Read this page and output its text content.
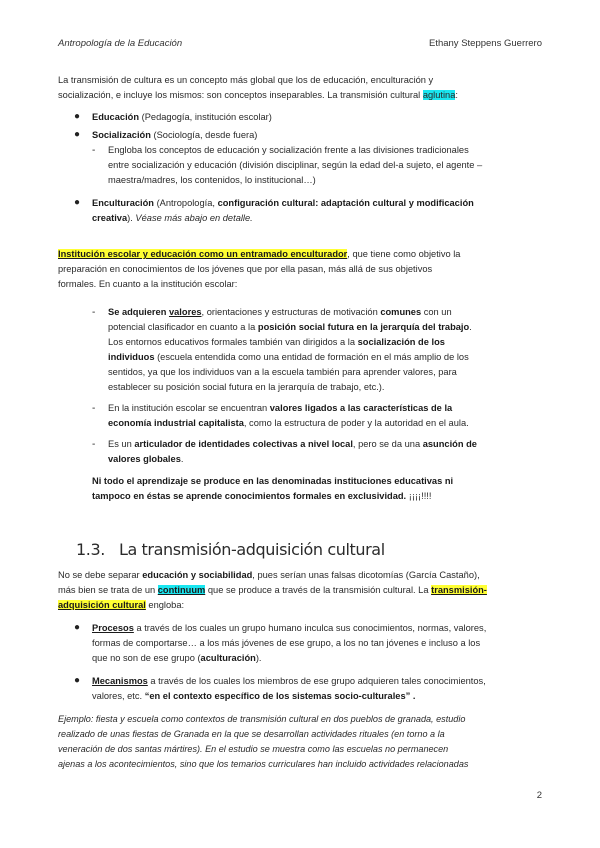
Antropología de la Educación	Ethany Steppens Guerrero
La transmisión de cultura es un concepto más global que los de educación, enculturación y
socialización, e incluye los mismos: son conceptos inseparables. La transmisión cultural aglutina:
● Educación (Pedagogía, institución escolar)
● Socialización (Sociología, desde fuera)
- Engloba los conceptos de educación y socialización frente a las divisiones tradicionales
entre socialización y educación (división disciplinar, según la edad del-a sujeto, el agente –
maestra/madres, los contenidos, lo institucional…)
● Enculturación (Antropología, configuración cultural: adaptación cultural y modificación
creativa). Véase más abajo en detalle.
Institución escolar y educación como un entramado enculturador, que tiene como objetivo la
preparación en conocimientos de los jóvenes que por ella pasan, más allá de sus objetivos
formales. En cuanto a la institución escolar:
- Se adquieren valores, orientaciones y estructuras de motivación comunes con un
potencial clasificador en cuanto a la posición social futura en la jerarquía del trabajo.
Los entornos educativos formales también van dirigidos a la socialización de los
individuos (escuela entendida como una entidad de formación en el más amplio de los
sentidos, ya que los individuos van a la escuela también para aprender valores, para
establecer su posición social futura en la jerarquía de trabajo, etc.).
- En la institución escolar se encuentran valores ligados a las características de la
economía industrial capitalista, como la estructura de poder y la autoridad en el aula.
- Es un articulador de identidades colectivas a nivel local, pero se da una asunción de
valores globales.
Ni todo el aprendizaje se produce en las denominadas instituciones educativas ni
tampoco en éstas se aprende conocimientos formales en exclusividad. ¡¡¡¡!!!!
1.3. La transmisión-adquisición cultural
No se debe separar educación y sociabilidad, pues serían unas falsas dicotomías (García Castaño),
más bien se trata de un continuum que se produce a través de la transmisión cultural. La transmisión-
adquisición cultural engloba:
● Procesos a través de los cuales un grupo humano inculca sus conocimientos, normas, valores,
formas de comportarse… a los más jóvenes de ese grupo, a los no tan jóvenes e incluso a los
que no son de ese grupo (aculturación).
● Mecanismos a través de los cuales los miembros de ese grupo adquieren tales conocimientos,
valores, etc. “en el contexto específico de los sistemas socio-culturales” .
Ejemplo: fiesta y escuela como contextos de transmisión cultural en dos pueblos de granada, estudio
realizado de unas fiestas de Granada en la que se desarrollan actividades rituales (en torno a la
veneración de dos santas mártires). En el estudio se muestra como las escuelas no permanecen
ajenas a los acontecimientos, sino que los temarios curriculares han incluido actividades relacionadas
2
